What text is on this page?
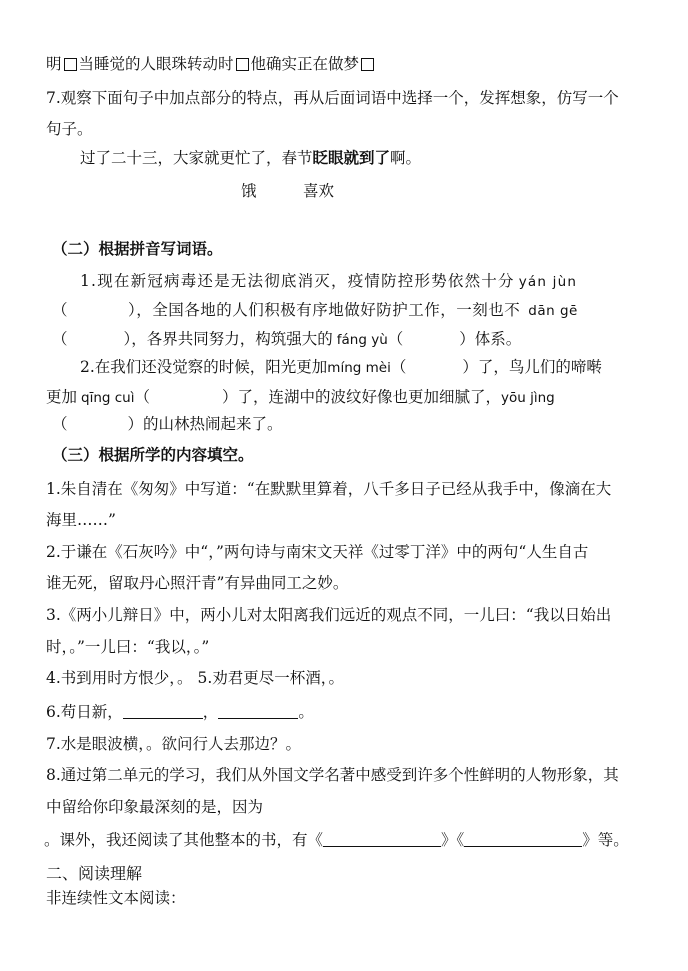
明 当睡觉的人眼珠转动时 他确实正在做梦
7.观察下面句子中加点部分的特点，再从后面词语中选择一个，发挥想象，仿写一个
句子。
过了二十三，大家就更忙了，春节眨眼就到了啊。
饿	喜欢
（二）根据拼音写词语。
1.现在新冠病毒还是无法彻底消灭，疫情防控形势依然十分 yán jùn
（	），全国各地的人们积极有序地做好防护工作，一刻也不 dān gē
（	），各界共同努力，构筑强大的 fáng yù（	）体系。
2.在我们还没觉察的时候，阳光更加míng mèi（	）了，鸟儿们的啼啭
更加 qīng cuì（	）了，连湖中的波纹好像也更加细腻了，yōu jìng
（	）的山林热闹起来了。
（三）根据所学的内容填空。
1.朱自清在《匆匆》中写道：“在默默里算着，八千多日子已经从我手中，像滴在大
海里……”
2.于谦在《石灰吟》中“，”两句诗与南宋文天祥《过零丁洋》中的两句“人生自古
谁无死，留取丹心照汗青”有异曲同工之妙。
3.《两小儿辩日》中，两小儿对太阳离我们远近的观点不同，一儿曰：“我以日始出
时，。”一儿曰：“我以，。”
4.书到用时方恨少，。 5.劝君更尽一杯酒，。
6.苟日新，	，	。
7.水是眼波横，。欲问行人去那边？。
8.通过第二单元的学习，我们从外国文学名著中感受到许多个性鲜明的人物形象，其
中留给你印象最深刻的是，因为
。课外，我还阅读了其他整本的书，有《	》《	》等。
二、阅读理解
非连续性文本阅读：
